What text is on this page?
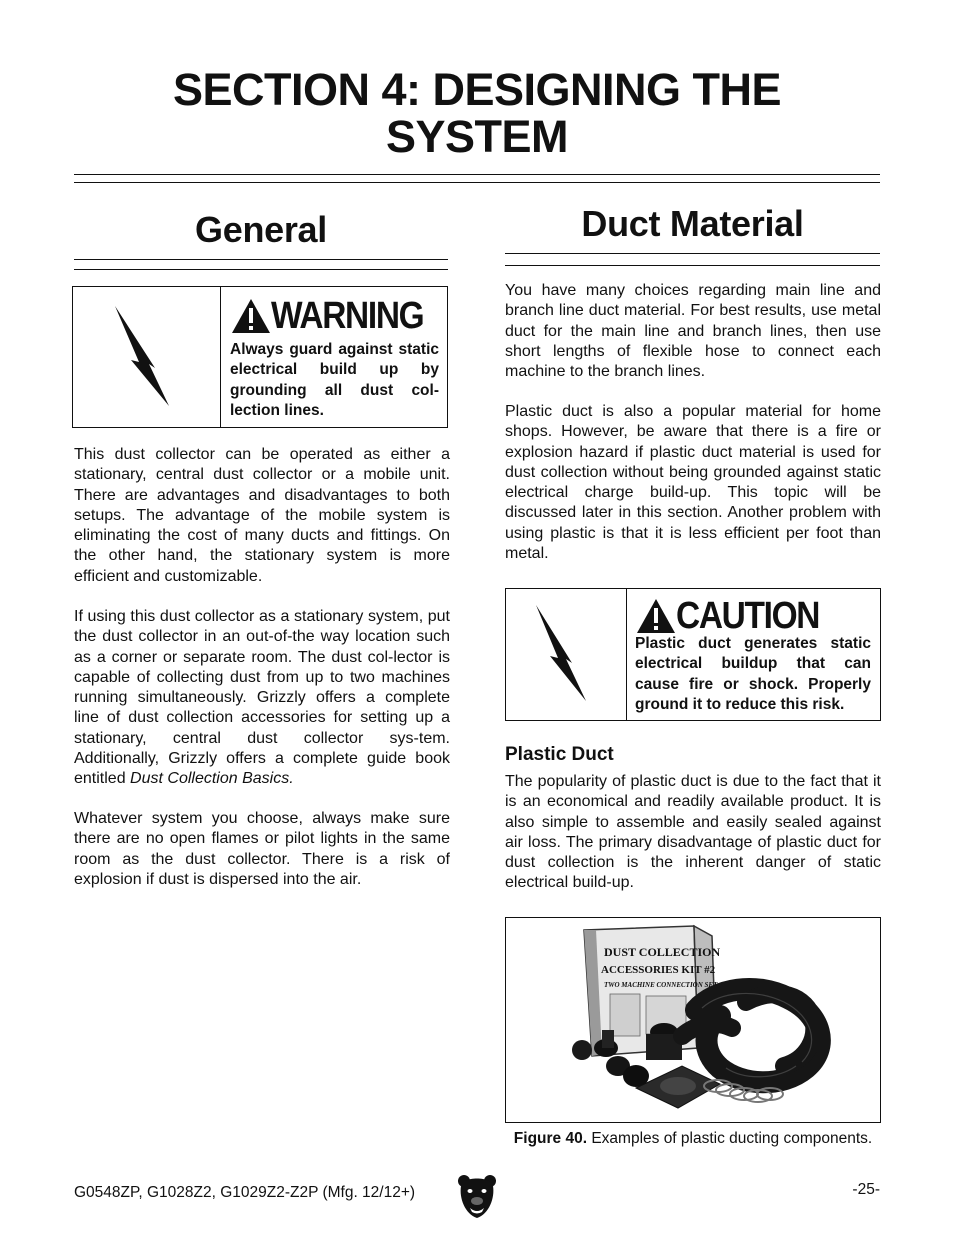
SECTION 4: DESIGNING THE
SYSTEM
General
WARNING
Always guard against static electrical build up by grounding all dust col-lection lines.
This dust collector can be operated as either a stationary, central dust collector or a mobile unit. There are advantages and disadvantages to both setups. The advantage of the mobile system is eliminating the cost of many ducts and fittings. On the other hand, the stationary system is more efficient and customizable.
If using this dust collector as a stationary system, put the dust collector in an out-of-the way location such as a corner or separate room. The dust col-lector is capable of collecting dust from up to two machines running simultaneously. Grizzly offers a complete line of dust collection accessories for setting up a stationary, central dust collector sys-tem. Additionally, Grizzly offers a complete guide book entitled Dust Collection Basics.
Whatever system you choose, always make sure there are no open flames or pilot lights in the same room as the dust collector. There is a risk of explosion if dust is dispersed into the air.
Duct Material
You have many choices regarding main line and branch line duct material. For best results, use metal duct for the main line and branch lines, then use short lengths of flexible hose to connect each machine to the branch lines.
Plastic duct is also a popular material for home shops. However, be aware that there is a fire or explosion hazard if plastic duct material is used for dust collection without being grounded against static electrical charge build-up. This topic will be discussed later in this section. Another problem with using plastic is that it is less efficient per foot than metal.
CAUTION
Plastic duct generates static electrical buildup that can cause fire or shock. Properly ground it to reduce this risk.
Plastic Duct
The popularity of plastic duct is due to the fact that it is an economical and readily available product. It is also simple to assemble and easily sealed against air loss. The primary disadvantage of plastic duct for dust collection is the inherent danger of static electrical build-up.
DUST COLLECTION
ACCESSORIES KIT #2
TWO MACHINE CONNECTION SET
Figure 40. Examples of plastic ducting components.
G0548ZP, G1028Z2, G1029Z2-Z2P (Mfg. 12/12+)	-25-
